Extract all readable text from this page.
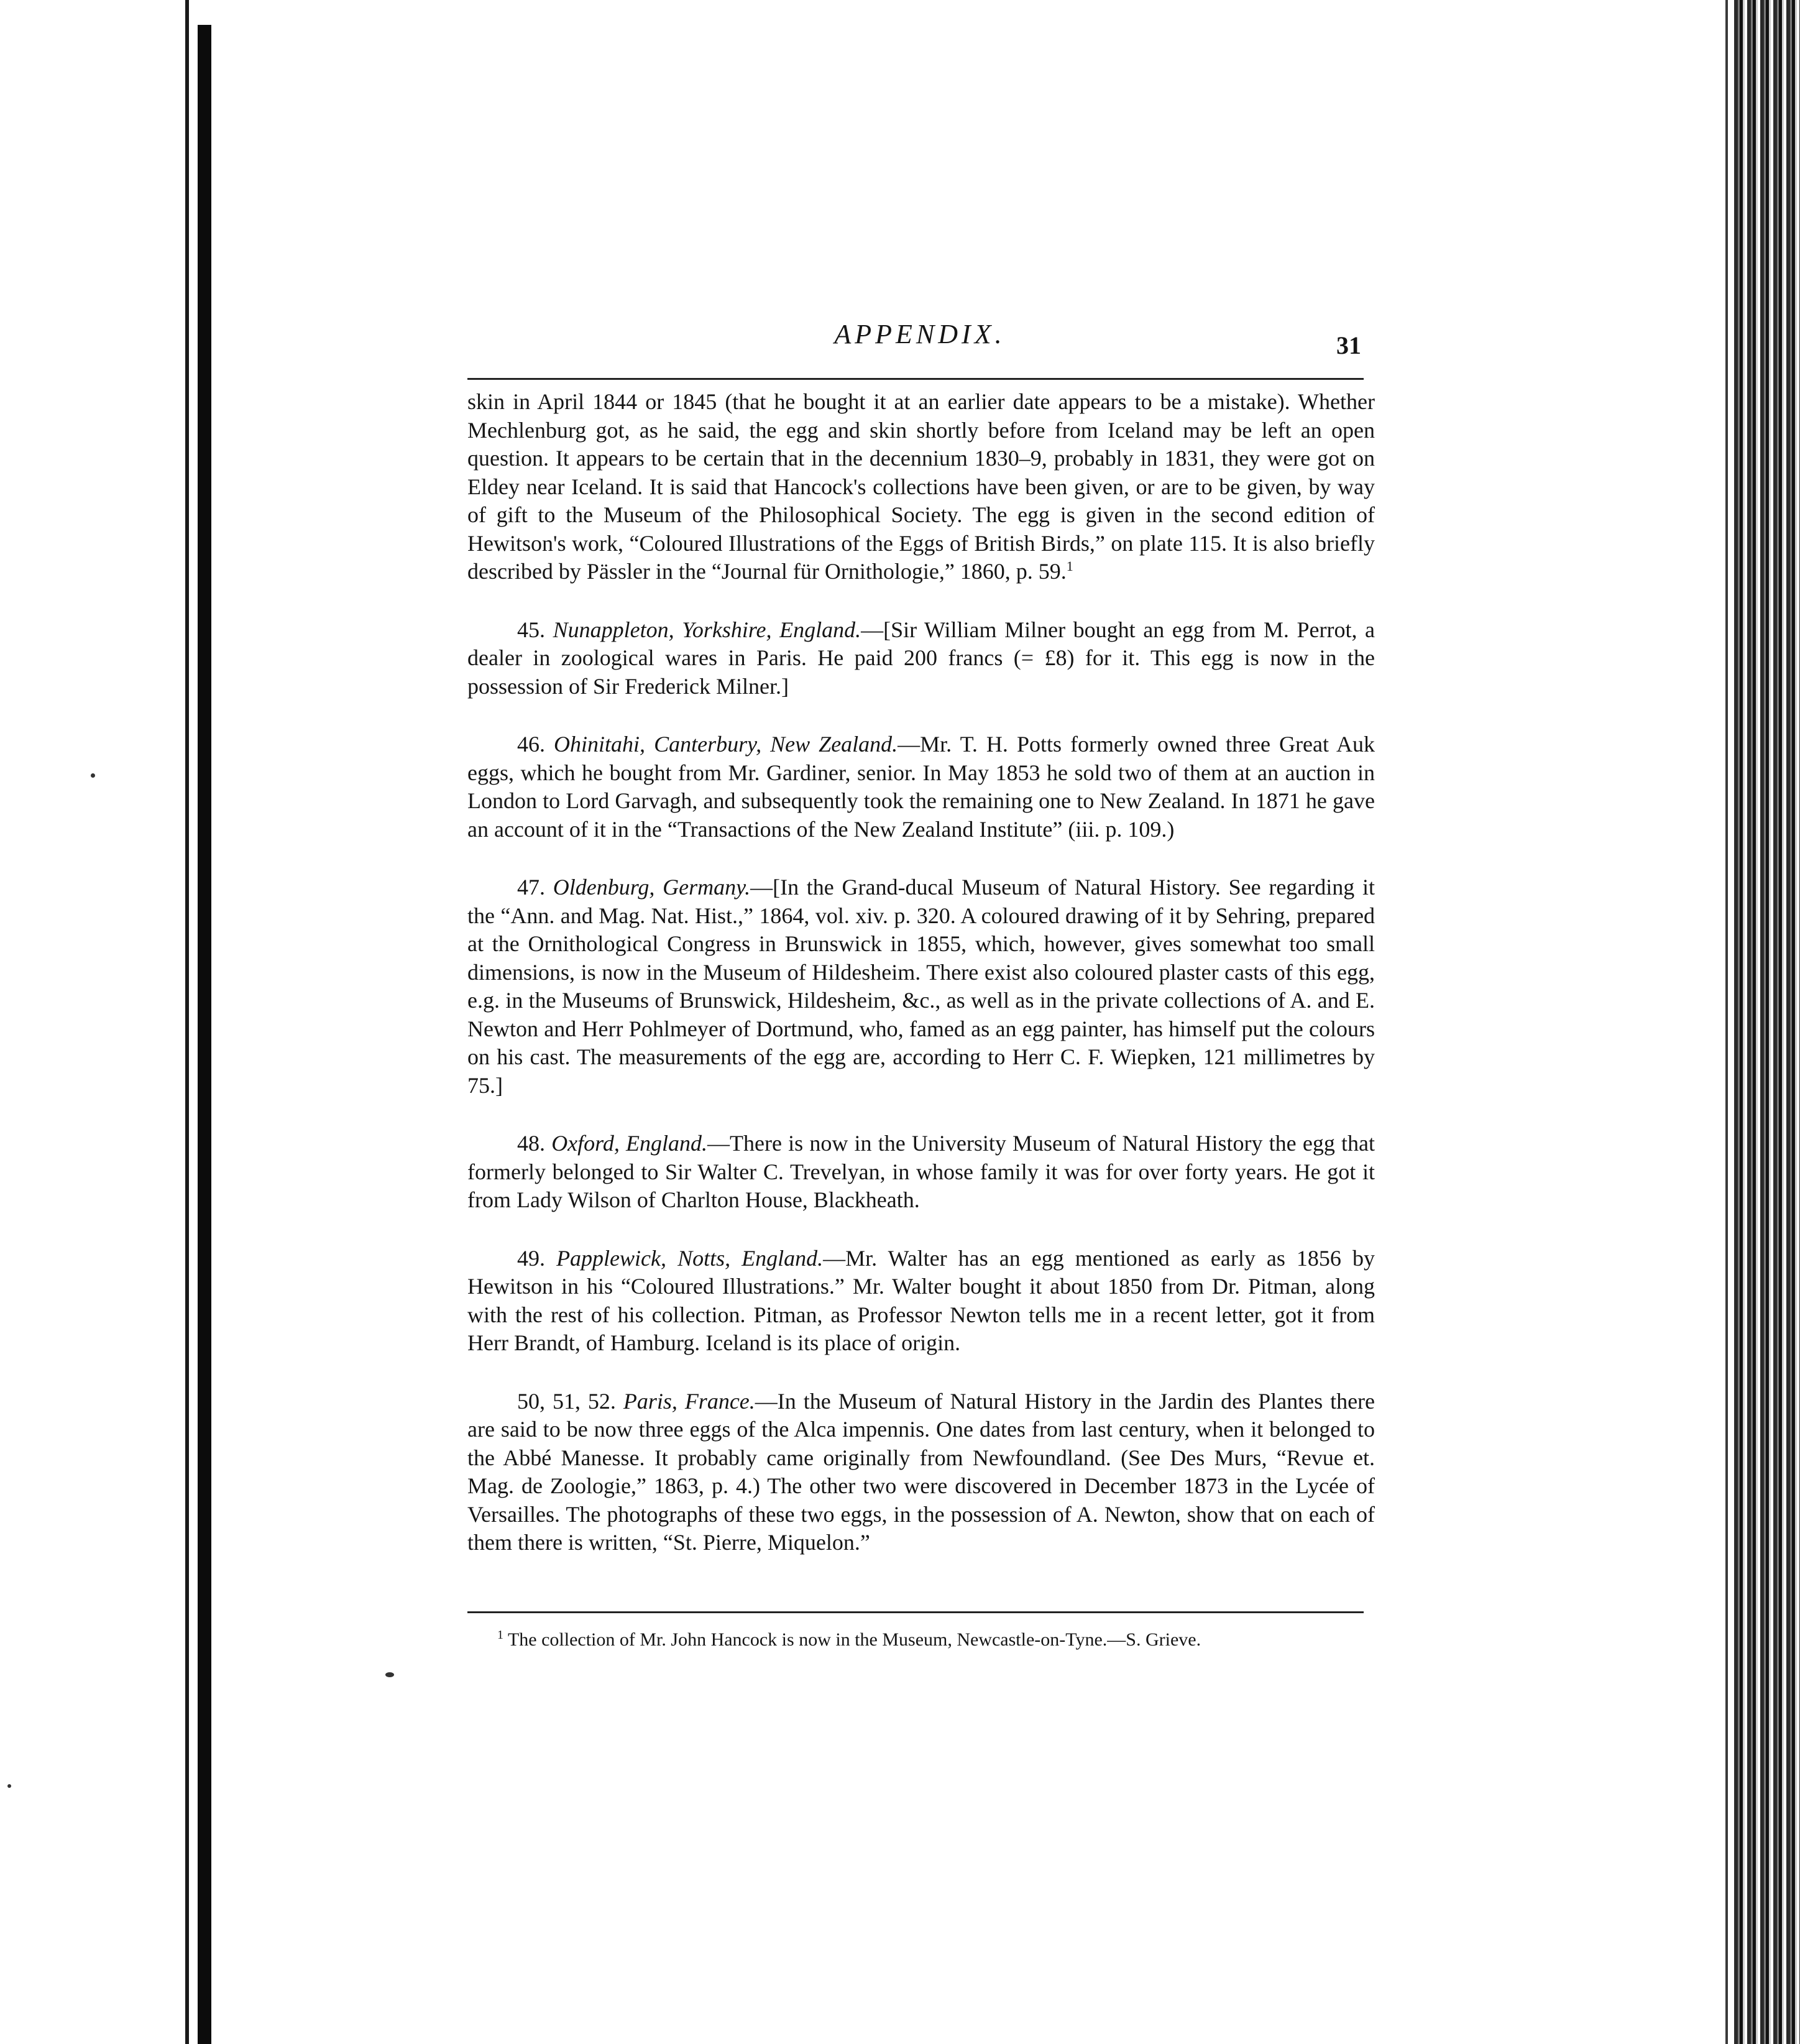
APPENDIX.	31

skin in April 1844 or 1845 (that he bought it at an earlier date appears to be a mistake). Whether Mechlenburg got, as he said, the egg and skin shortly before from Iceland may be left an open question. It appears to be certain that in the decennium 1830–9, probably in 1831, they were got on Eldey near Iceland. It is said that Hancock's collections have been given, or are to be given, by way of gift to the Museum of the Philosophical Society. The egg is given in the second edition of Hewitson's work, “Coloured Illustrations of the Eggs of British Birds,” on plate 115. It is also briefly described by Pässler in the “Journal für Ornithologie,” 1860, p. 59.$^1$

45. Nunappleton, Yorkshire, England.—[Sir William Milner bought an egg from M. Perrot, a dealer in zoological wares in Paris. He paid 200 francs (= £8) for it. This egg is now in the possession of Sir Frederick Milner.]

46. Ohinitahi, Canterbury, New Zealand.—Mr. T. H. Potts formerly owned three Great Auk eggs, which he bought from Mr. Gardiner, senior. In May 1853 he sold two of them at an auction in London to Lord Garvagh, and subsequently took the remaining one to New Zealand. In 1871 he gave an account of it in the “Transactions of the New Zealand Institute” (iii. p. 109.)

47. Oldenburg, Germany.—[In the Grand-ducal Museum of Natural History. See regarding it the “Ann. and Mag. Nat. Hist.,” 1864, vol. xiv. p. 320. A coloured drawing of it by Sehring, prepared at the Ornithological Congress in Brunswick in 1855, which, however, gives somewhat too small dimensions, is now in the Museum of Hildesheim. There exist also coloured plaster casts of this egg, e.g. in the Museums of Brunswick, Hildesheim, &c., as well as in the private collections of A. and E. Newton and Herr Pohlmeyer of Dortmund, who, famed as an egg painter, has himself put the colours on his cast. The measurements of the egg are, according to Herr C. F. Wiepken, 121 millimetres by 75.]

48. Oxford, England.—There is now in the University Museum of Natural History the egg that formerly belonged to Sir Walter C. Trevelyan, in whose family it was for over forty years. He got it from Lady Wilson of Charlton House, Blackheath.

49. Papplewick, Notts, England.—Mr. Walter has an egg mentioned as early as 1856 by Hewitson in his “Coloured Illustrations.” Mr. Walter bought it about 1850 from Dr. Pitman, along with the rest of his collection. Pitman, as Professor Newton tells me in a recent letter, got it from Herr Brandt, of Hamburg. Iceland is its place of origin.

50, 51, 52. Paris, France.—In the Museum of Natural History in the Jardin des Plantes there are said to be now three eggs of the Alca impennis. One dates from last century, when it belonged to the Abbé Manesse. It probably came originally from Newfoundland. (See Des Murs, “Revue et. Mag. de Zoologie,” 1863, p. 4.) The other two were discovered in December 1873 in the Lycée of Versailles. The photographs of these two eggs, in the possession of A. Newton, show that on each of them there is written, “St. Pierre, Miquelon.”

$^1$ The collection of Mr. John Hancock is now in the Museum, Newcastle-on-Tyne.—S. Grieve.
